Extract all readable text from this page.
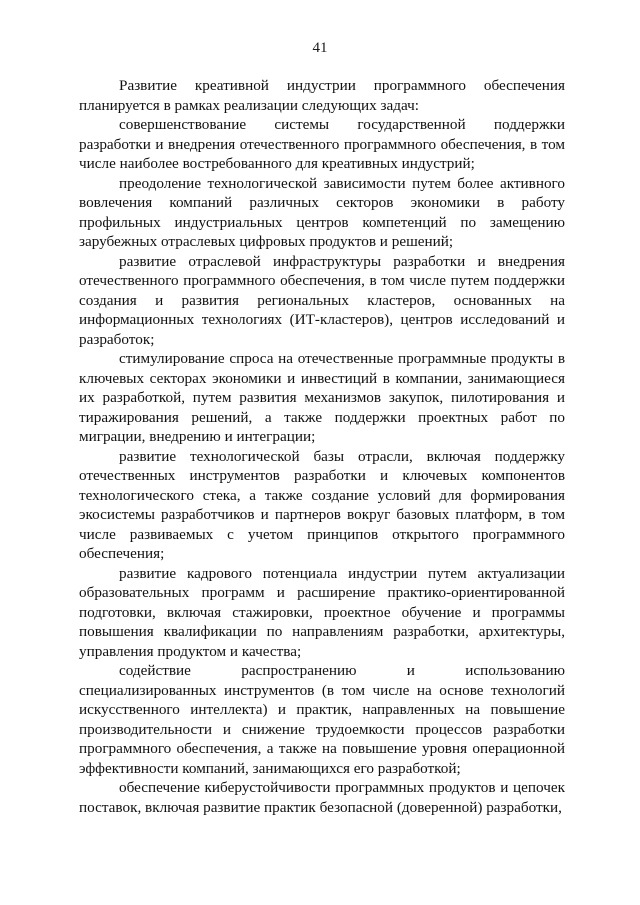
41

Развитие креативной индустрии программного обеспечения планируется в рамках реализации следующих задач:

совершенствование системы государственной поддержки разработки и внедрения отечественного программного обеспечения, в том числе наиболее востребованного для креативных индустрий;

преодоление технологической зависимости путем более активного вовлечения компаний различных секторов экономики в работу профильных индустриальных центров компетенций по замещению зарубежных отраслевых цифровых продуктов и решений;

развитие отраслевой инфраструктуры разработки и внедрения отечественного программного обеспечения, в том числе путем поддержки создания и развития региональных кластеров, основанных на информационных технологиях (ИТ-кластеров), центров исследований и разработок;

стимулирование спроса на отечественные программные продукты в ключевых секторах экономики и инвестиций в компании, занимающиеся их разработкой, путем развития механизмов закупок, пилотирования и тиражирования решений, а также поддержки проектных работ по миграции, внедрению и интеграции;

развитие технологической базы отрасли, включая поддержку отечественных инструментов разработки и ключевых компонентов технологического стека, а также создание условий для формирования экосистемы разработчиков и партнеров вокруг базовых платформ, в том числе развиваемых с учетом принципов открытого программного обеспечения;

развитие кадрового потенциала индустрии путем актуализации образовательных программ и расширение практико-ориентированной подготовки, включая стажировки, проектное обучение и программы повышения квалификации по направлениям разработки, архитектуры, управления продуктом и качества;

содействие распространению и использованию специализированных инструментов (в том числе на основе технологий искусственного интеллекта) и практик, направленных на повышение производительности и снижение трудоемкости процессов разработки программного обеспечения, а также на повышение уровня операционной эффективности компаний, занимающихся его разработкой;

обеспечение киберустойчивости программных продуктов и цепочек поставок, включая развитие практик безопасной (доверенной) разработки,
